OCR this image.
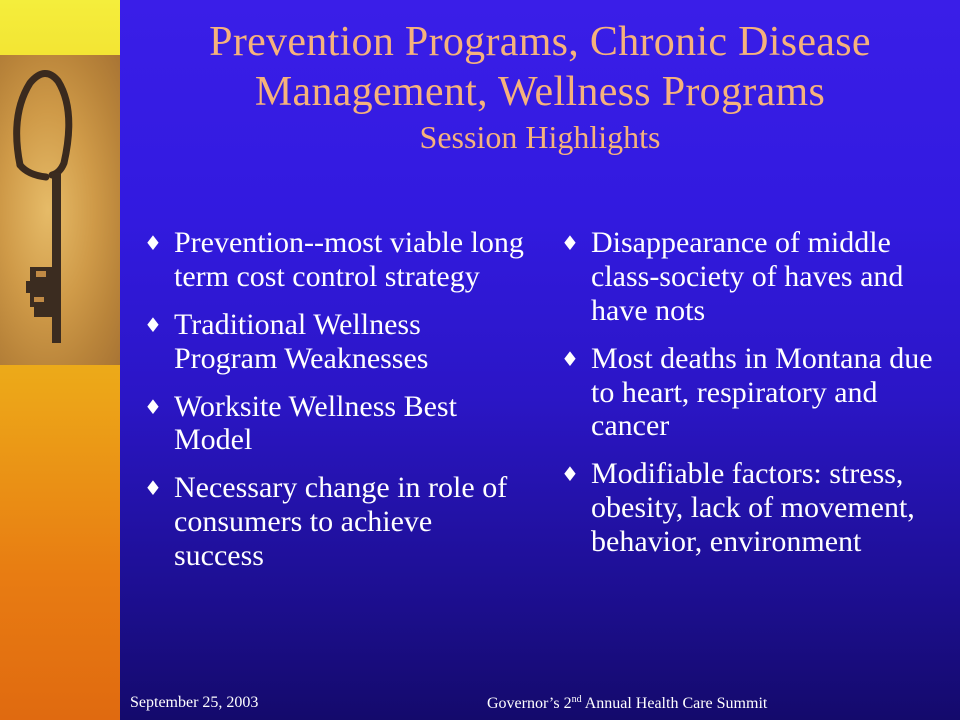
Prevention Programs, Chronic Disease
Management, Wellness Programs
Session Highlights
♦ Prevention--most viable long term cost control strategy
♦ Traditional Wellness Program Weaknesses
♦ Worksite Wellness Best Model
♦ Necessary change in role of consumers to achieve success
♦ Disappearance of middle class-society of haves and have nots
♦ Most deaths in Montana due to heart, respiratory and cancer
♦ Modifiable factors: stress, obesity, lack of movement, behavior, environment
September 25, 2003	Governor’s 2nd Annual Health Care Summit
